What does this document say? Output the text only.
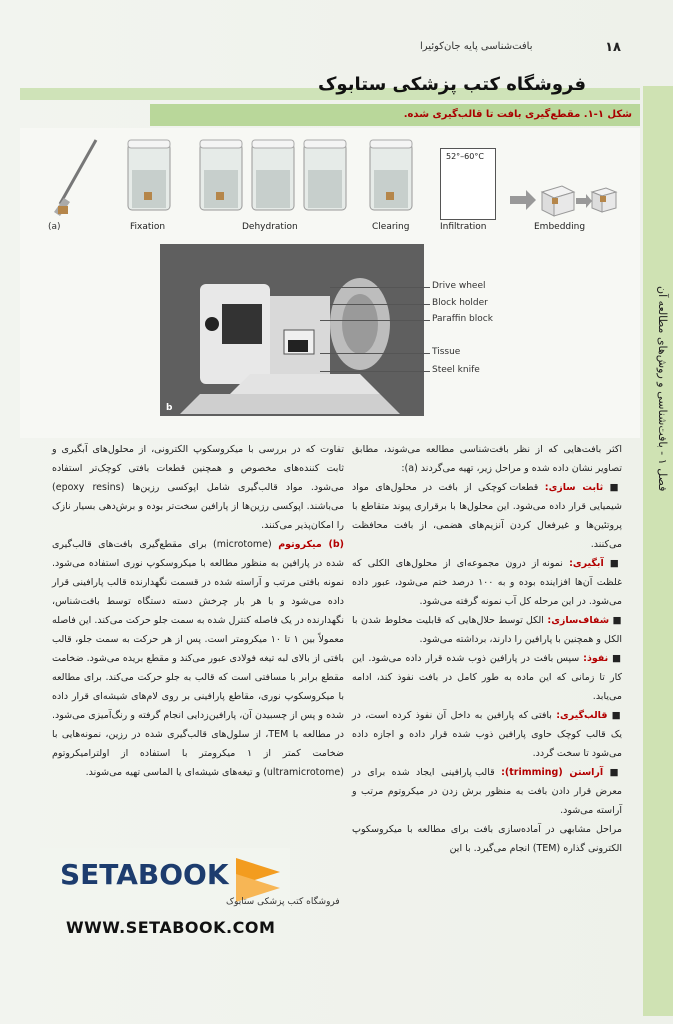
۱۸
بافت‌شناسی پایه جان‌کوئیرا
فروشگاه کتب پزشکی ستابوک
شکل ۱-۱. مقطع‌گیری بافت تا قالب‌گیری شده.
فصل ۱ - بافت‌شناسی و روش‌های مطالعه آن
52°–60°C
(a)	Fixation	Dehydration	Clearing	Infiltration	Embedding
b
Drive wheel
Block holder
Paraffin block
Tissue
Steel knife

اکثر بافت‌هایی که از نظر بافت‌شناسی مطالعه می‌شوند، مطابق تصاویر نشان داده شده و مراحل زیر، تهیه می‌گردند (a):

■ ثابت سازی: قطعات کوچکی از بافت در محلول‌های مواد شیمیایی قرار داده می‌شود. این محلول‌ها با برقراری پیوند متقاطع با پروتئین‌ها و غیرفعال کردن آنزیم‌های هضمی، از بافت محافظت می‌کنند.

■ آبگیری: نمونه از درون مجموعه‌ای از محلول‌های الکلی که غلظت آن‌ها افزاینده بوده و به ۱۰۰ درصد ختم می‌شود، عبور داده می‌شود. در این مرحله کل آب نمونه گرفته می‌شود.

■ شفاف‌سازی: الکل توسط حلال‌هایی که قابلیت مخلوط شدن با الکل و همچنین با پارافین را دارند، برداشته می‌شود.

■ نفوذ: سپس بافت در پارافین ذوب شده قرار داده می‌شود. این کار تا زمانی که این ماده به طور کامل در بافت نفوذ کند، ادامه می‌یابد.

■ قالب‌گیری: بافتی که پارافین به داخل آن نفوذ کرده است، در یک قالب کوچک حاوی پارافین ذوب شده قرار داده و اجازه داده می‌شود تا سخت گردد.

■ آراستن (trimming): قالب پارافینی ایجاد شده برای در معرض قرار دادن بافت به منظور برش زدن در میکروتوم مرتب و آراسته می‌شود.

مراحل مشابهی در آماده‌سازی بافت برای مطالعه با میکروسکوپ الکترونی گذاره (TEM) انجام می‌گیرد. با این

تفاوت که در بررسی با میکروسکوپ الکترونی، از محلول‌های آبگیری و ثابت کننده‌های مخصوص و همچنین قطعات بافتی کوچک‌تر استفاده می‌شود. مواد قالب‌گیری شامل اپوکسی رزین‌ها (epoxy resins) می‌باشند. اپوکسی رزین‌ها از پارافین سخت‌تر بوده و برش‌دهی بسیار نازک را امکان‌پذیر می‌کنند.

(b) میکروتوم (microtome) برای مقطع‌گیری بافت‌های قالب‌گیری شده در پارافین به منظور مطالعه با میکروسکوپ نوری استفاده می‌شود. نمونه بافتی مرتب و آراسته شده در قسمت نگهدارنده قالب پارافینی قرار داده می‌شود و با هر بار چرخش دسته دستگاه توسط بافت‌شناس، نگهدارنده در یک فاصله کنترل شده به سمت جلو حرکت می‌کند. این فاصله معمولاً بین ۱ تا ۱۰ میکرومتر است. پس از هر حرکت به سمت جلو، قالب بافتی از بالای لبه تیغه فولادی عبور می‌کند و مقطع بریده می‌شود. ضخامت مقطع برابر با مسافتی است که قالب به جلو حرکت می‌کند. برای مطالعه با میکروسکوپ نوری، مقاطع پارافینی بر روی لام‌های شیشه‌ای قرار داده شده و پس از چسبیدن آن، پارافین‌زدایی انجام گرفته و رنگ‌آمیزی می‌شود. در مطالعه با TEM، از سلول‌های قالب‌گیری شده در رزین، نمونه‌هایی با ضخامت کمتر از ۱ میکرومتر با استفاده از اولترامیکروتوم (ultramicrotome) و تیغه‌های شیشه‌ای یا الماسی تهیه می‌شوند.

SETABOOK
فروشگاه کتب پزشکی ستابوک
WWW.SETABOOK.COM
